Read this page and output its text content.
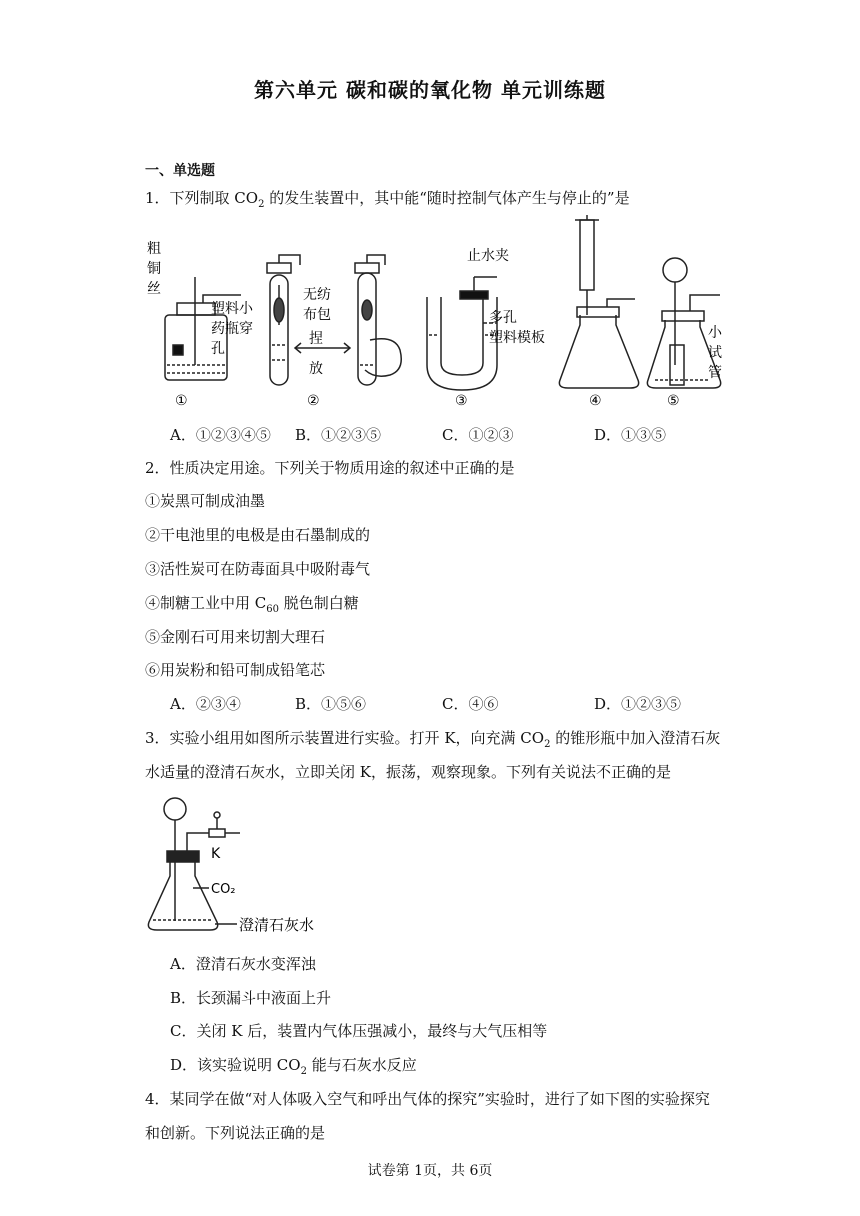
第六单元 碳和碳的氧化物 单元训练题
一、单选题
1．下列制取 $CO_2$ 的发生装置中，其中能“随时控制气体产生与停止的”是
粗
铜
丝
塑料小
药瓶穿
孔
无纺
布包
捏
放
止水夹
多孔
塑料模板	小
试
管
①	②	③	④	⑤
A．①②③④⑤ B．①②③⑤	C．①②③	D．①③⑤
2．性质决定用途。下列关于物质用途的叙述中正确的是
①炭黑可制成油墨
②干电池里的电极是由石墨制成的
③活性炭可在防毒面具中吸附毒气
④制糖工业中用 $C_{60}$ 脱色制白糖
⑤金刚石可用来切割大理石
⑥用炭粉和铅可制成铅笔芯
A．②③④	B．①⑤⑥	C．④⑥	D．①②③⑤
3．实验小组用如图所示装置进行实验。打开 K，向充满 $CO_2$ 的锥形瓶中加入澄清石灰
水适量的澄清石灰水，立即关闭 K，振荡，观察现象。下列有关说法不正确的是
K
CO₂
澄清石灰水
A．澄清石灰水变浑浊
B．长颈漏斗中液面上升
C．关闭 K 后，装置内气体压强减小，最终与大气压相等
D．该实验说明 $CO_2$ 能与石灰水反应
4．某同学在做“对人体吸入空气和呼出气体的探究”实验时，进行了如下图的实验探究
和创新。下列说法正确的是
试卷第 1页，共 6页
